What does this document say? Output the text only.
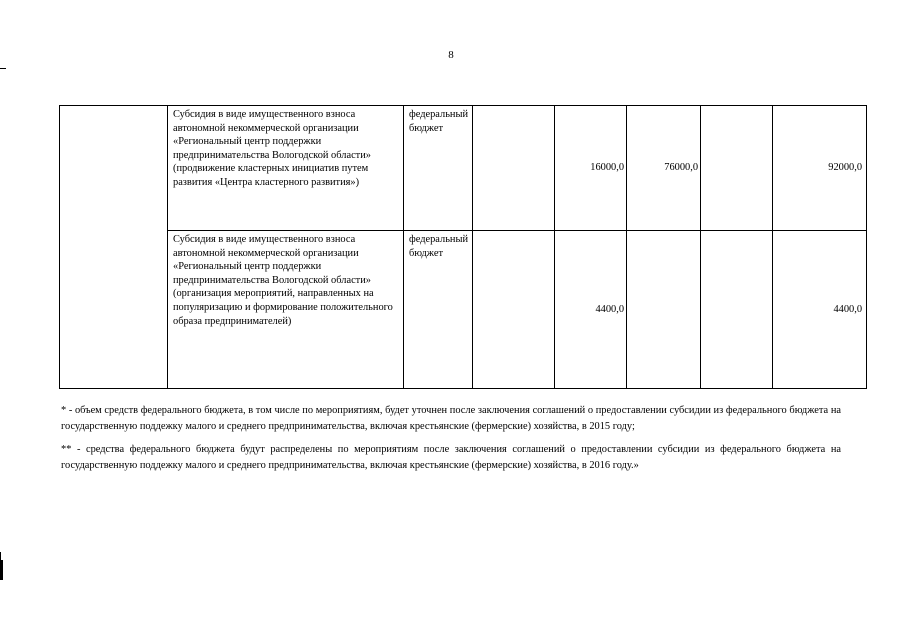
8
	Субсидия в виде имущественного взноса автономной некоммерческой организации «Региональный центр поддержки предпринимательства Вологодской области» (продвижение кластерных инициатив путем развития «Центра кластерного развития»)	федеральный бюджет		16000,0	76000,0		92000,0
	Субсидия в виде имущественного взноса автономной некоммерческой организации «Региональный центр поддержки предпринимательства Вологодской области» (организация мероприятий, направленных на популяризацию и формирование положительного образа предпринимателей)	федеральный бюджет		4400,0			4400,0
* - объем средств федерального бюджета, в том числе по мероприятиям, будет уточнен после заключения соглашений о предоставлении субсидии из федерального бюджета на государственную поддежку малого и среднего предпринимательства, включая крестьянские (фермерские) хозяйства, в 2015 году;
** - средства федерального бюджета будут распределены по мероприятиям после заключения соглашений о предоставлении субсидии из федерального бюджета на государственную поддежку малого и среднего предпринимательства, включая крестьянские (фермерские) хозяйства, в 2016 году.»
